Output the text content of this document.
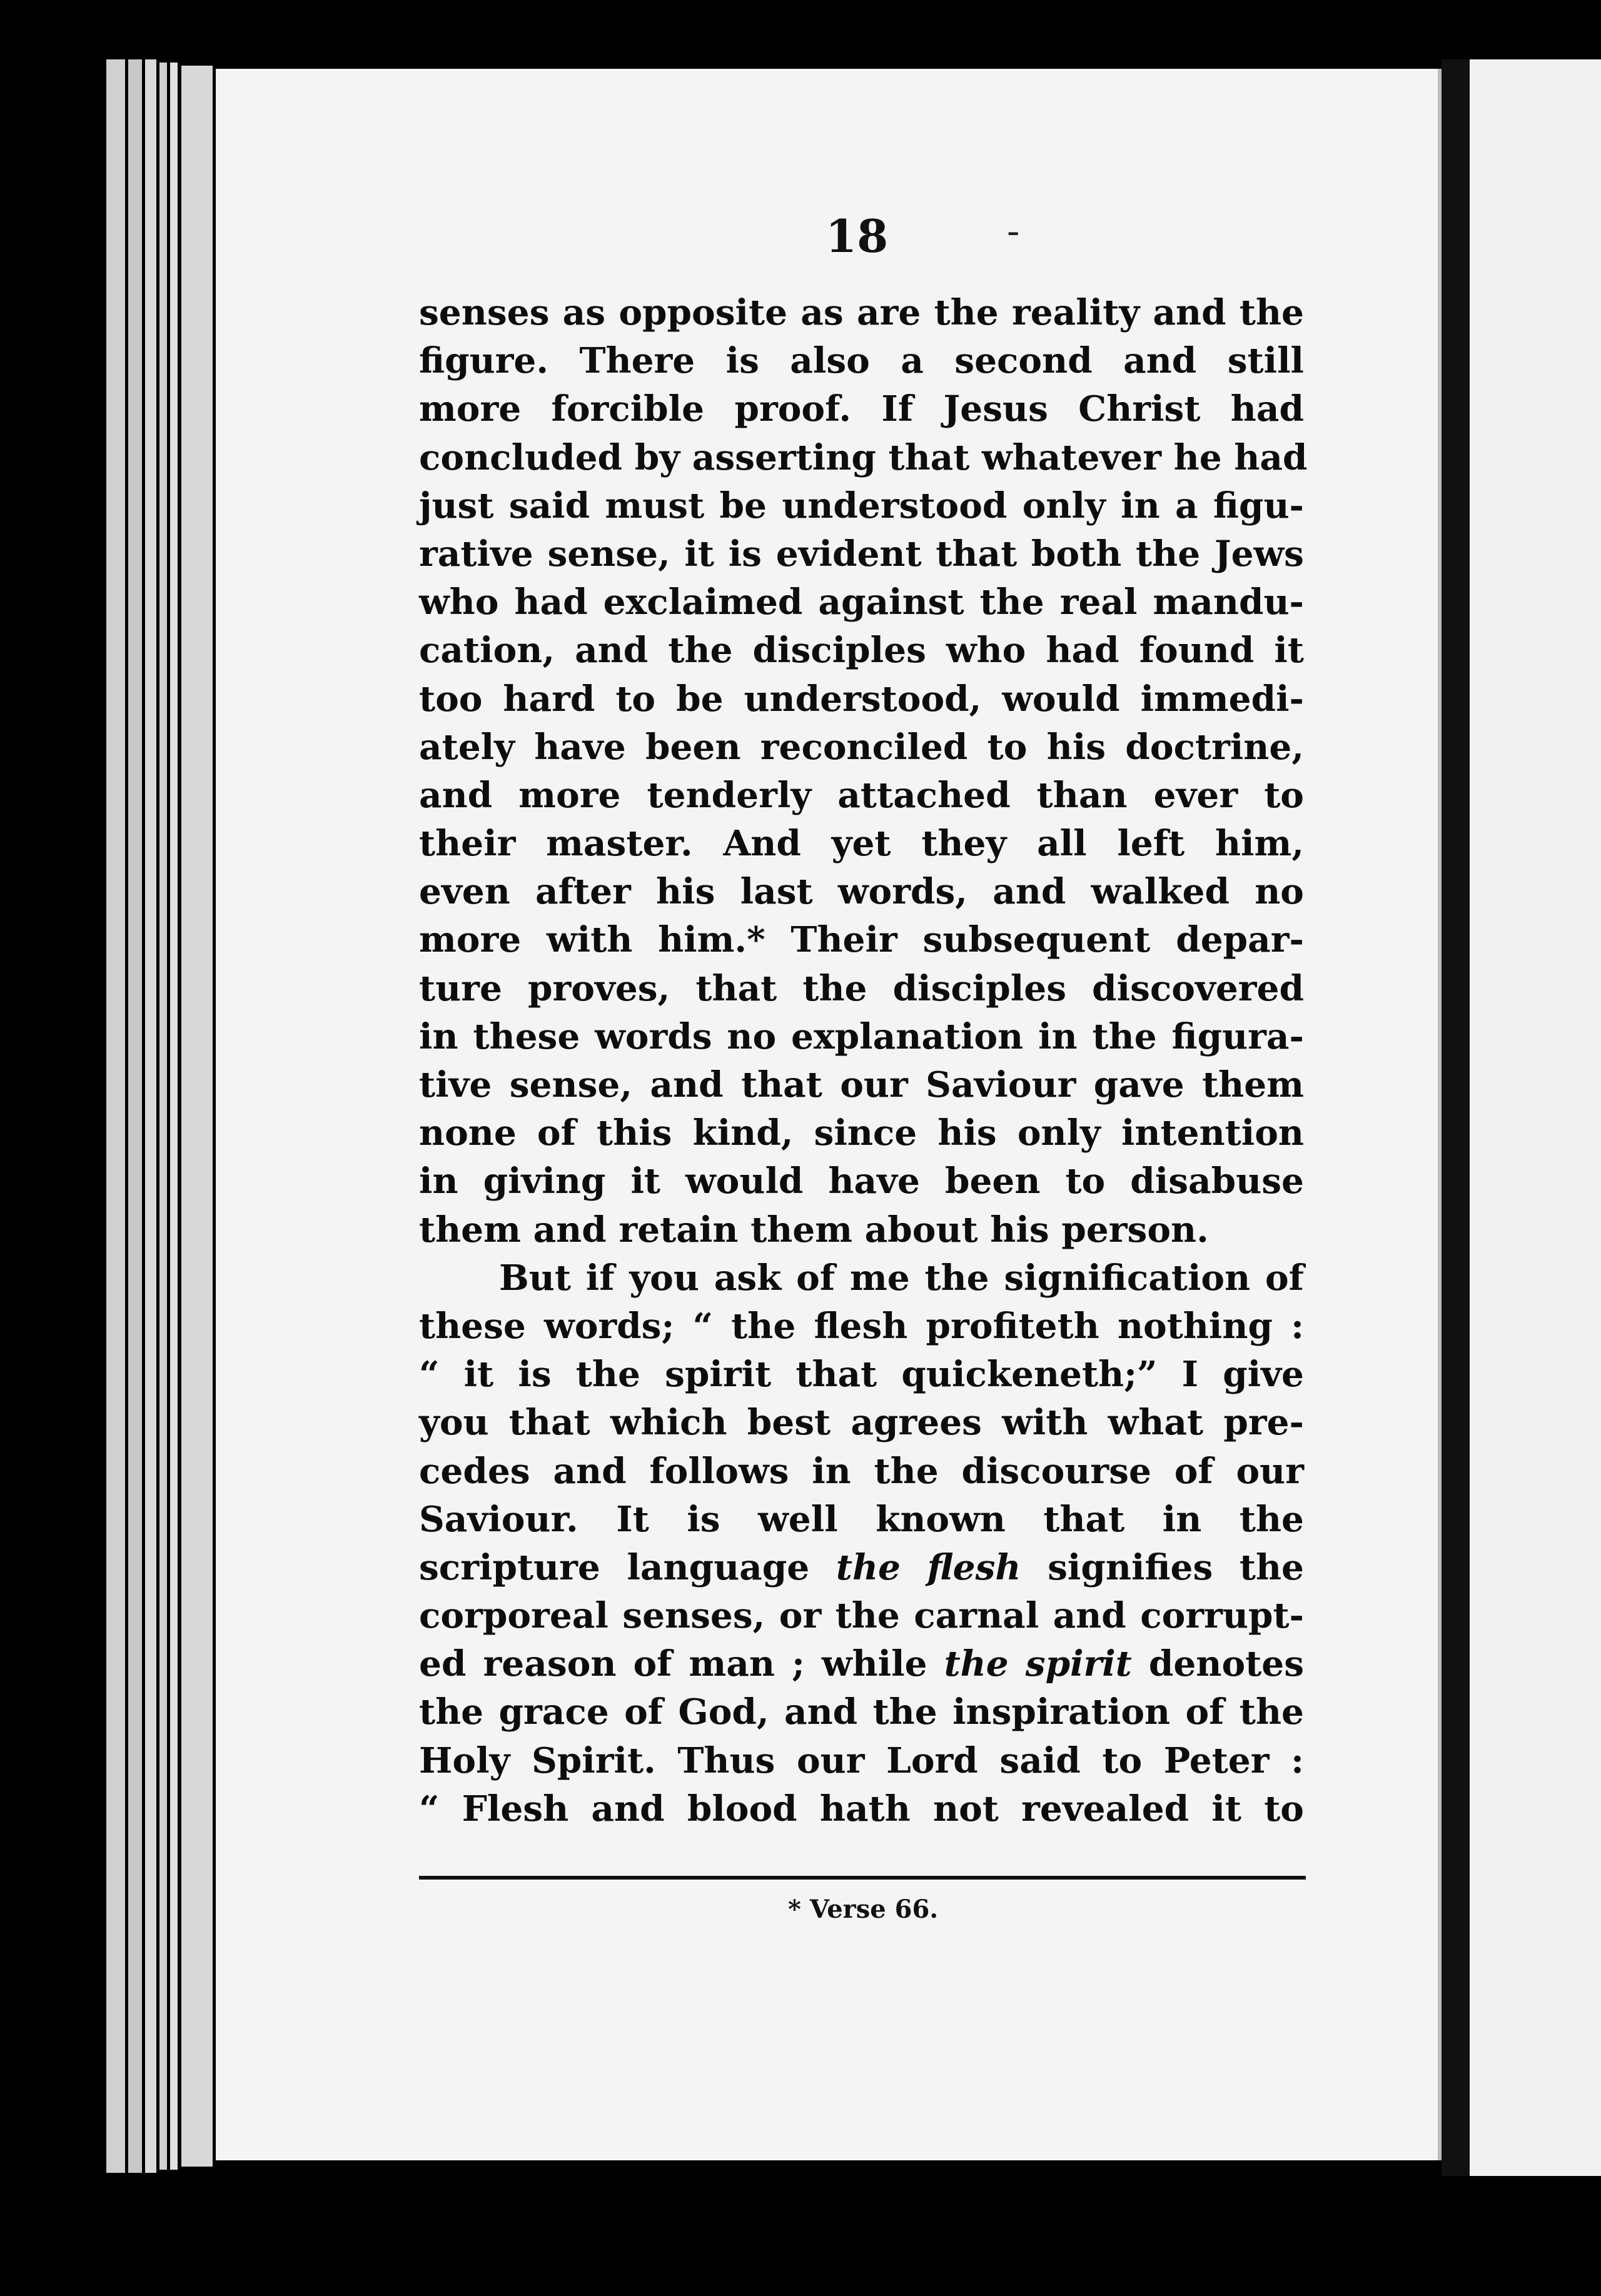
18	-
senses as opposite as are the reality and the
figure. There is also a second and still
more forcible proof. If Jesus Christ had
concluded by asserting that whatever he had
just said must be understood only in a figu-
rative sense, it is evident that both the Jews
who had exclaimed against the real mandu-
cation, and the disciples who had found it
too hard to be understood, would immedi-
ately have been reconciled to his doctrine,
and more tenderly attached than ever to
their master. And yet they all left him,
even after his last words, and walked no
more with him.* Their subsequent depar-
ture proves, that the disciples discovered
in these words no explanation in the figura-
tive sense, and that our Saviour gave them
none of this kind, since his only intention
in giving it would have been to disabuse
them and retain them about his person.
But if you ask of me the signification of
these words; “ the flesh profiteth nothing :
“ it is the spirit that quickeneth;” I give
you that which best agrees with what pre-
cedes and follows in the discourse of our
Saviour. It is well known that in the
scripture language the flesh signifies the
corporeal senses, or the carnal and corrupt-
ed reason of man ; while the spirit denotes
the grace of God, and the inspiration of the
Holy Spirit. Thus our Lord said to Peter :
“ Flesh and blood hath not revealed it to
* Verse 66.
